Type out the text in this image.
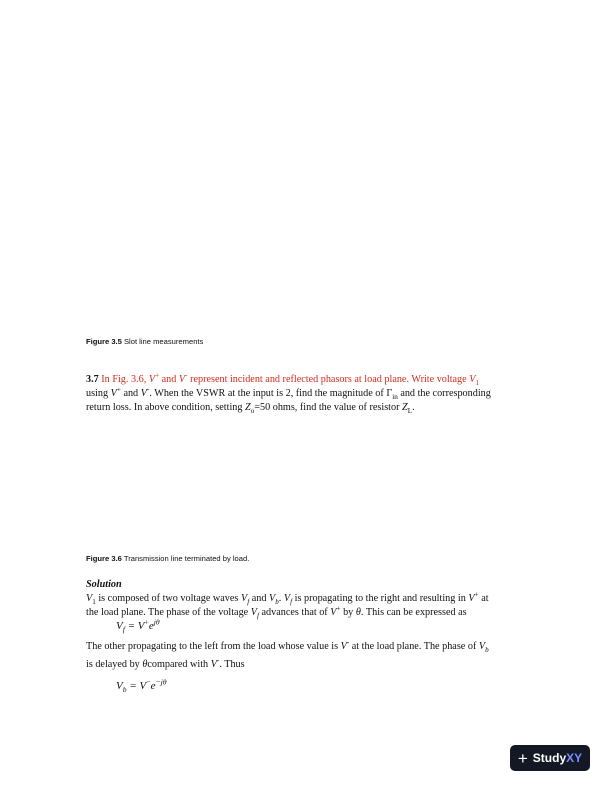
Figure 3.5 Slot line measurements
3.7 In Fig. 3.6, V+ and V- represent incident and reflected phasors at load plane. Write voltage $V_1$
using V+ and V-. When the VSWR at the input is 2, find the magnitude of $\Gamma_{in}$ and the corresponding
return loss. In above condition, setting $Z_o=50$ ohms, find the value of resistor $Z_L$.
Figure 3.6 Transmission line terminated by load.
Solution
$V_1$ is composed of two voltage waves $V_f$ and $V_b$. $V_f$ is propagating to the right and resulting in V+ at
the load plane. The phase of the voltage $V_f$ advances that of V+ by θ. This can be expressed as
$V_f = V^+e^{j\theta}$
The other propagating to the left from the load whose value is V- at the load plane. The phase of $V_b$
is delayed by θcompared with V-. Thus
$V_b = V^-e^{-j\theta}$
+ Study XY
